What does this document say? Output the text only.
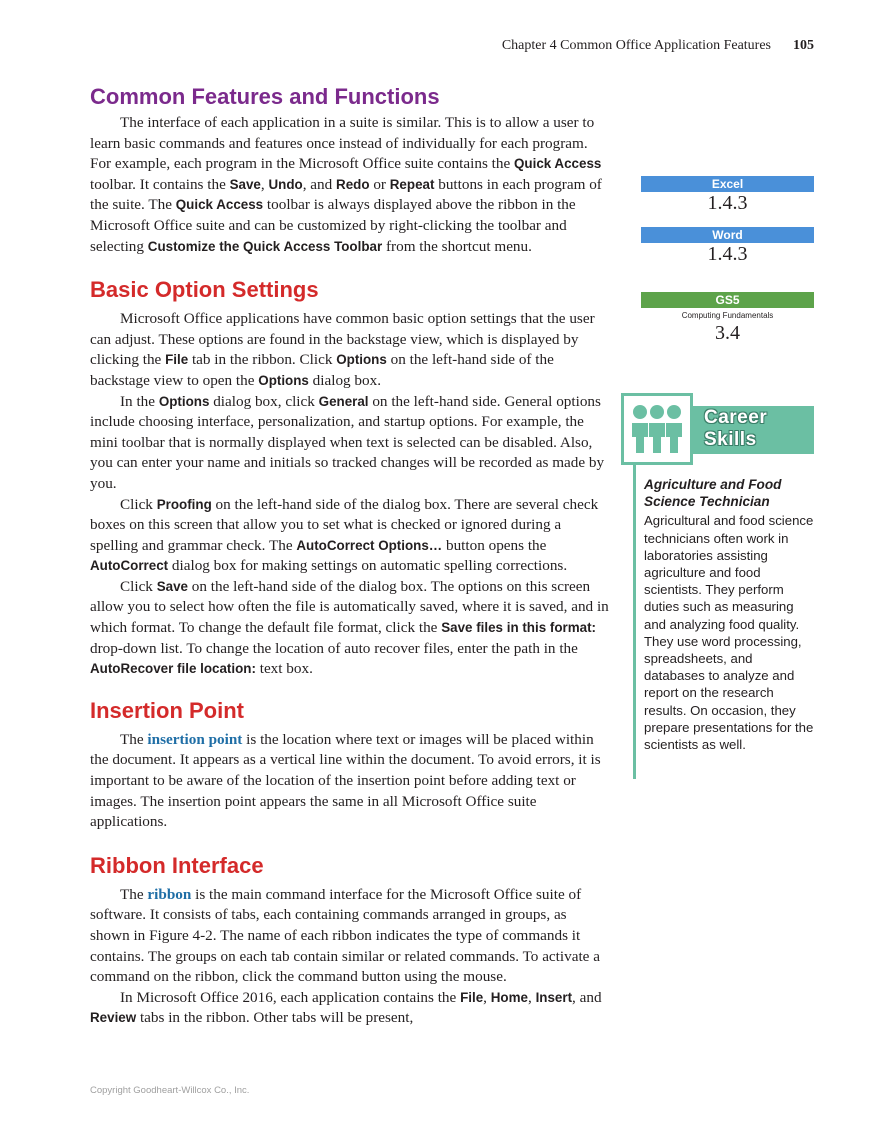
Chapter 4 Common Office Application Features 105
Common Features and Functions

The interface of each application in a suite is similar. This is to allow a user to learn basic commands and features once instead of individually for each program. For example, each program in the Microsoft Office suite contains the Quick Access toolbar. It contains the Save, Undo, and Redo or Repeat buttons in each program of the suite. The Quick Access toolbar is always displayed above the ribbon in the Microsoft Office suite and can be customized by right-clicking the toolbar and selecting Customize the Quick Access Toolbar from the shortcut menu.

Basic Option Settings

Microsoft Office applications have common basic option settings that the user can adjust. These options are found in the backstage view, which is displayed by clicking the File tab in the ribbon. Click Options on the left-hand side of the backstage view to open the Options dialog box.

In the Options dialog box, click General on the left-hand side. General options include choosing interface, personalization, and startup options. For example, the mini toolbar that is normally displayed when text is selected can be disabled. Also, you can enter your name and initials so tracked changes will be recorded as made by you.

Click Proofing on the left-hand side of the dialog box. There are several check boxes on this screen that allow you to set what is checked or ignored during a spelling and grammar check. The AutoCorrect Options… button opens the AutoCorrect dialog box for making settings on automatic spelling corrections.

Click Save on the left-hand side of the dialog box. The options on this screen allow you to select how often the file is automatically saved, where it is saved, and in which format. To change the default file format, click the Save files in this format: drop-down list. To change the location of auto recover files, enter the path in the AutoRecover file location: text box.

Insertion Point

The insertion point is the location where text or images will be placed within the document. It appears as a vertical line within the document. To avoid errors, it is important to be aware of the location of the insertion point before adding text or images. The insertion point appears the same in all Microsoft Office suite applications.

Ribbon Interface

The ribbon is the main command interface for the Microsoft Office suite of software. It consists of tabs, each containing commands arranged in groups, as shown in Figure 4-2. The name of each ribbon indicates the type of commands it contains. The groups on each tab contain similar or related commands. To activate a command on the ribbon, click the command button using the mouse.

In Microsoft Office 2016, each application contains the File, Home, Insert, and Review tabs in the ribbon. Other tabs will be present,

Excel
1.4.3
Word
1.4.3
GS5
Computing Fundamentals
3.4
Career
Skills
Agriculture and Food Science Technician
Agricultural and food science technicians often work in laboratories assisting agriculture and food scientists. They perform duties such as measuring and analyzing food quality. They use word processing, spreadsheets, and databases to analyze and report on the research results. On occasion, they prepare presentations for the scientists as well.
Copyright Goodheart-Willcox Co., Inc.
